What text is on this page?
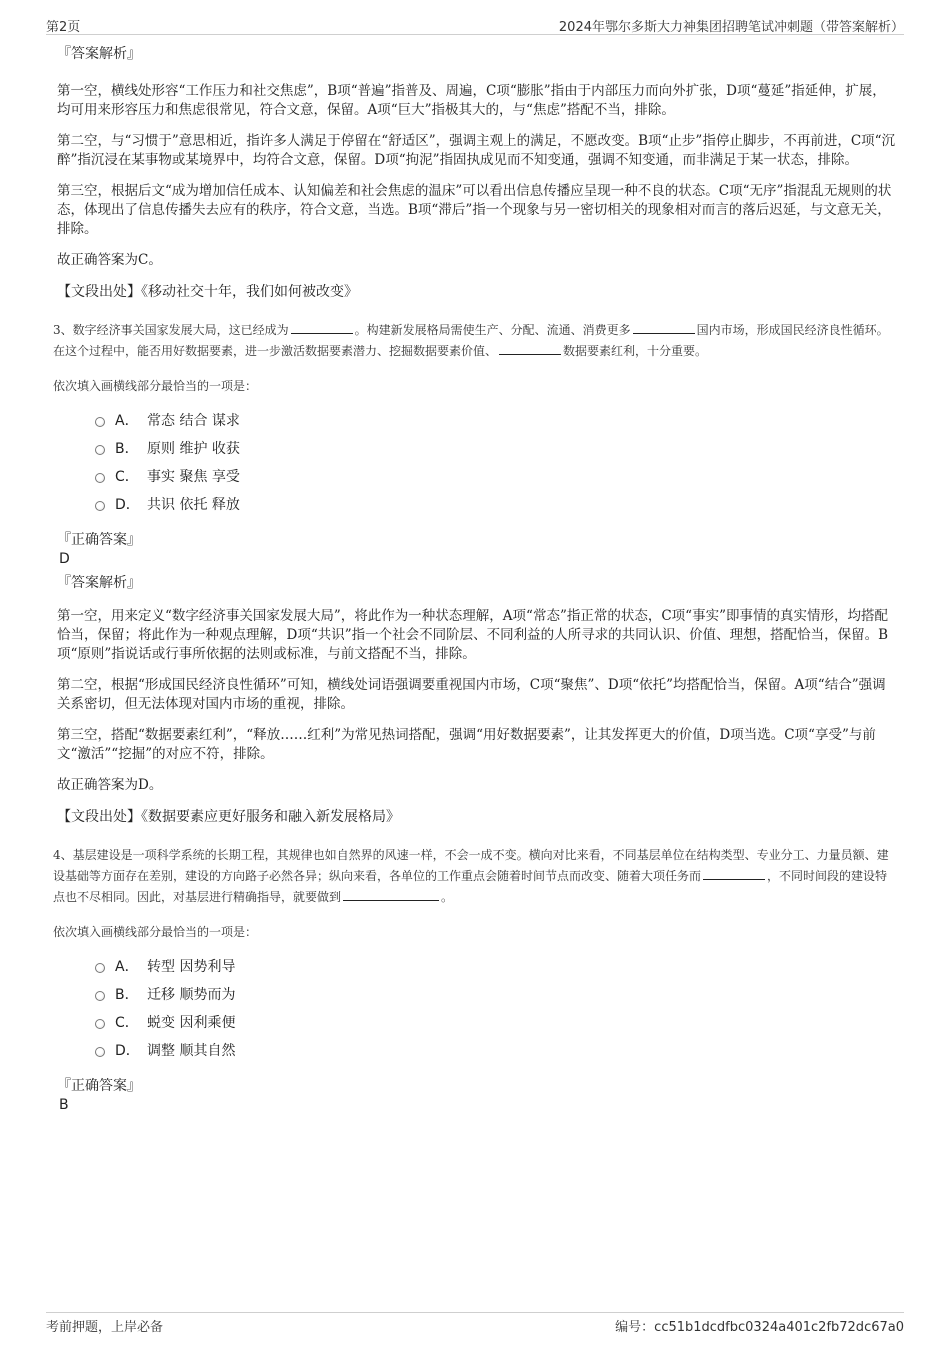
第2页	2024年鄂尔多斯大力神集团招聘笔试冲刺题（带答案解析）

『答案解析』

第一空，横线处形容“工作压力和社交焦虑”，B项“普遍”指普及、周遍，C项“膨胀”指由于内部压力而向外扩张，D项“蔓延”指延伸，扩展，均可用来形容压力和焦虑很常见，符合文意，保留。A项“巨大”指极其大的，与“焦虑”搭配不当，排除。

第二空，与“习惯于”意思相近，指许多人满足于停留在“舒适区”，强调主观上的满足，不愿改变。B项“止步”指停止脚步，不再前进，C项“沉醉”指沉浸在某事物或某境界中，均符合文意，保留。D项“拘泥”指固执成见而不知变通，强调不知变通，而非满足于某一状态，排除。

第三空，根据后文“成为增加信任成本、认知偏差和社会焦虑的温床”可以看出信息传播应呈现一种不良的状态。C项“无序”指混乱无规则的状态，体现出了信息传播失去应有的秩序，符合文意，当选。B项“滞后”指一个现象与另一密切相关的现象相对而言的落后迟延，与文意无关，排除。

故正确答案为C。

【文段出处】《移动社交十年，我们如何被改变》

3、数字经济事关国家发展大局，这已经成为	。构建新发展格局需使生产、分配、流通、消费更多	国内市场，形成国民经济良性循环。在这个过程中，能否用好数据要素，进一步激活数据要素潜力、挖掘数据要素价值、	数据要素红利，十分重要。
依次填入画横线部分最恰当的一项是：
A． 常态 结合 谋求
B． 原则 维护 收获
C． 事实 聚焦 享受
D． 共识 依托 释放

『正确答案』

D

『答案解析』

第一空，用来定义“数字经济事关国家发展大局”，将此作为一种状态理解，A项“常态”指正常的状态，C项“事实”即事情的真实情形，均搭配恰当，保留；将此作为一种观点理解，D项“共识”指一个社会不同阶层、不同利益的人所寻求的共同认识、价值、理想，搭配恰当，保留。B项“原则”指说话或行事所依据的法则或标准，与前文搭配不当，排除。

第二空，根据“形成国民经济良性循环”可知，横线处词语强调要重视国内市场，C项“聚焦”、D项“依托”均搭配恰当，保留。A项“结合”强调关系密切，但无法体现对国内市场的重视，排除。

第三空，搭配“数据要素红利”，“释放……红利”为常见热词搭配，强调“用好数据要素”，让其发挥更大的价值，D项当选。C项“享受”与前文“激活”“挖掘”的对应不符，排除。

故正确答案为D。

【文段出处】《数据要素应更好服务和融入新发展格局》

4、基层建设是一项科学系统的长期工程，其规律也如自然界的风速一样，不会一成不变。横向对比来看，不同基层单位在结构类型、专业分工、力量员额、建设基础等方面存在差别，建设的方向路子必然各异；纵向来看，各单位的工作重点会随着时间节点而改变、随着大项任务而	，不同时间段的建设特点也不尽相同。因此，对基层进行精确指导，就要做到	。
依次填入画横线部分最恰当的一项是：
A． 转型 因势利导
B． 迁移 顺势而为
C． 蜕变 因利乘便
D． 调整 顺其自然

『正确答案』

B

考前押题，上岸必备	编号：cc51b1dcdfbc0324a401c2fb72dc67a0
